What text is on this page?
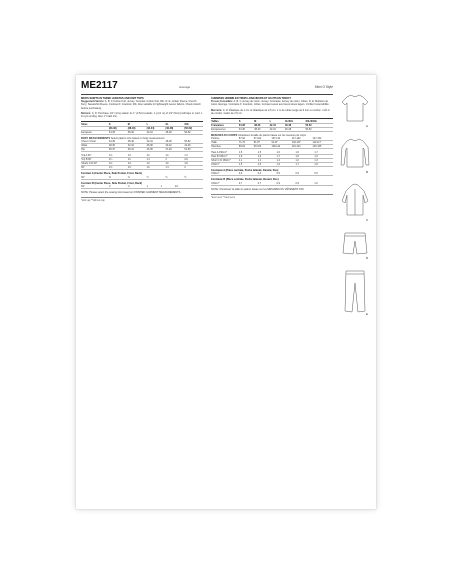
ME2117	Average	Mimi G Style
MEN'S SHIRTS IN THREE LENGTHS AND KNIT TOPS
Suggested Fabrics: A, B, C Cotton Knit, Jersey. Contrast: Cotton Knit, Rib. D, E: Cotton Fleece, French Terry, Sweatshirt Fleece. Contrast F: Interlock, Rib. Also suitable for lightweight woven fabrics. Check stretch before purchasing.
Notions: C, D: Purchase 1/2" (1cm) elastic. E: 1" (2.5cm) elastic. 1 yd (1 m) of 1/4" (6mm) twill tape or cord. 1 1/4 yd cording. Also 1" braid trim.
Sizes	S	M	L	XL	XXL
	(34-36)	(38-40)	(42-44)	(46-48)	(50-52)
European	34-36	38-40	42-44	46-48	50-52
BODY MEASUREMENTS Select pattern size based on body measurement
Chest / Chest	34-36	38-40	42-44	46-48	50-52
Waist	28-30	32-34	36-38	40-42	44-46
Hip	35-37	39-41	43-45	47-49	51-53
Top A 60"	1⅝	1⅝	1¾	1¾	1⅞
Top B 60"	1¾	1¾	1⅞	2	2⅛
Shorts C,D 60"	1⅛	1⅛	1¼	1¼	1⅜
60"	1⅝	1⅝	1¾	1⅞	2
Contrast A (Center Piece, Side Pocket, Front, Back)
60"	⅜	⅜	½	½	½
Contrast B (Center Piece, Side Pocket, Front, Back)
60"	¾	¾	1	1	1⅛
NOTE: Please select the sewing size based on FINISHED GARMENT MEASUREMENTS.
*with nap **without nap
CHEMISES HOMME EN TROIS LONGUEURS ET HAUTS EN TRICOT
Tissus Conseillés: A, B, C Jersey de coton, Jersey. Contraste: Jersey de coton, Côtes. D, E: Molleton de coton, Éponge. Contraste F: Interlock, Côtes. Convient aussi aux tissus tissés légers. Vérifier l'extensibilité.
Mercerie: C, D: Élastique de 1 cm. E: Élastique de 2,5 cm. 1 m de ruban sergé de 6 mm ou cordon. 1,20 m de cordon. Galon de 2,5 cm.
Tailles	S	M	L	XL/XXL	XXL/XXXL
Françaises	34-36	38-40	42-44	46-48	50-52
Européennes	34-36	38-40	42-44	46-48	50-52
MESURES DU CORPS Choisissez la taille du patron basée sur les mesures du corps
Poitrine	87-92	97-102	107-112	117-122	127-132
Taille	71-76	81-87	91-97	102-107	112-117
Hanches	89-94	99-104	109-114	119-124	130-135
Haut A 150cm*	1,5	1,5	1,6	1,6	1,7
Haut B 150cm*	1,6	1,6	1,7	1,8	1,9
Short C,D 150cm*	1,1	1,1	1,2	1,2	1,3
150cm*	1,5	1,5	1,6	1,7	1,8
Contraste A (Pièce centrale, Poche latérale, Devant, Dos)
150cm*	0,4	0,4	0,5	0,5	0,5
Contraste B (Pièce centrale, Poche latérale, Devant, Dos)
150cm*	0,7	0,7	0,9	0,9	1,0
NOTE: Choisissez la taille du patron basée sur les MESURES DU VÊTEMENT FINI.
*avec sens **sans sens
A
B
C
D
E
